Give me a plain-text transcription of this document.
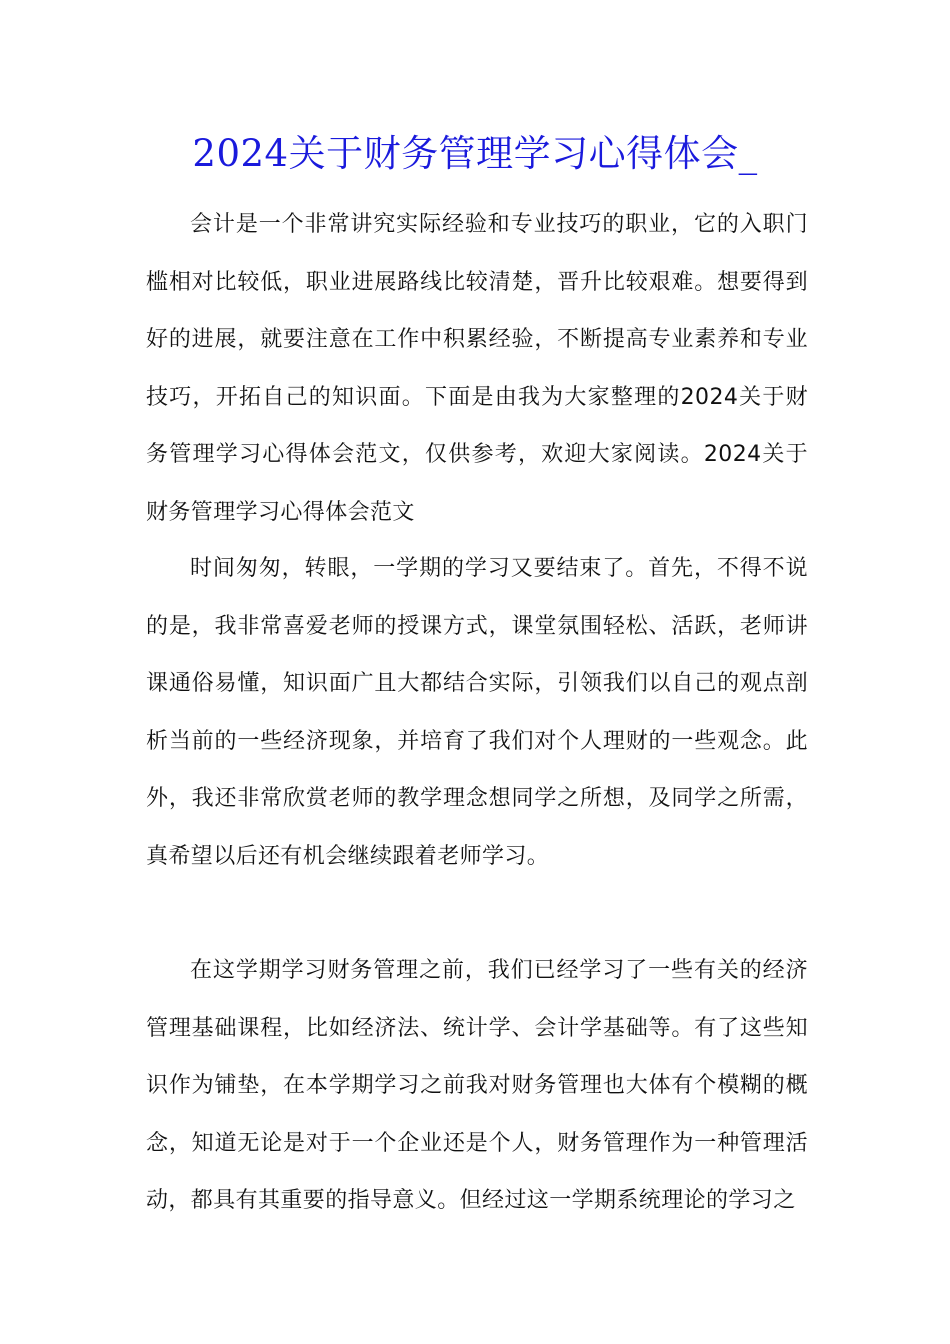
2024关于财务管理学习心得体会_

会计是一个非常讲究实际经验和专业技巧的职业，它的入职门槛相对比较低，职业进展路线比较清楚，晋升比较艰难。想要得到好的进展，就要注意在工作中积累经验，不断提高专业素养和专业技巧，开拓自己的知识面。下面是由我为大家整理的2024关于财务管理学习心得体会范文，仅供参考，欢迎大家阅读。2024关于财务管理学习心得体会范文

时间匆匆，转眼，一学期的学习又要结束了。首先，不得不说的是，我非常喜爱老师的授课方式，课堂氛围轻松、活跃，老师讲课通俗易懂，知识面广且大都结合实际，引领我们以自己的观点剖析当前的一些经济现象，并培育了我们对个人理财的一些观念。此外，我还非常欣赏老师的教学理念想同学之所想，及同学之所需，真希望以后还有机会继续跟着老师学习。

在这学期学习财务管理之前，我们已经学习了一些有关的经济管理基础课程，比如经济法、统计学、会计学基础等。有了这些知识作为铺垫，在本学期学习之前我对财务管理也大体有个模糊的概念，知道无论是对于一个企业还是个人，财务管理作为一种管理活动，都具有其重要的指导意义。但经过这一学期系统理论的学习之
